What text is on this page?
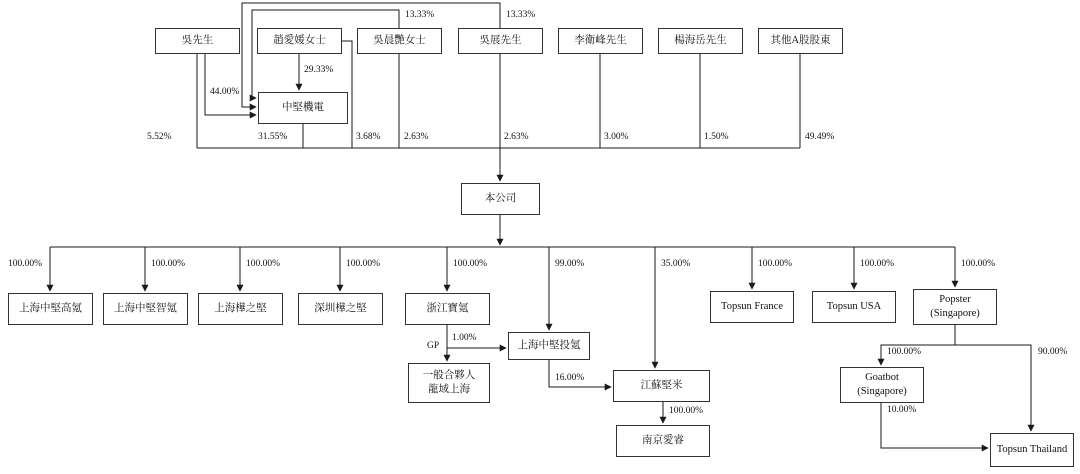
吳先生	趙愛媛女士	吳晨艷女士	吳展先生	李衛峰先生	楊海岳先生	其他A股股東
中堅機電
本公司
上海中堅高氪	上海中堅智氪	上海樺之堅	深圳樺之堅	浙江寶氪	Topsun France	Topsun USA
Popster
(Singapore)
上海中堅投氪
一般合夥人
龍域上海	江蘇堅米
Goatbot
(Singapore)
南京愛睿
Topsun Thailand
13.33%	13.33%
29.33%
44.00%
5.52%	31.55%	3.68% 2.63%	2.63%	3.00%	1.50%	49.49%
100.00%	100.00%	100.00%	100.00%	100.00%	99.00%	35.00%	100.00%	100.00%	100.00%
1.00%
GP
16.00%
100.00%
100.00%	90.00%
10.00%
